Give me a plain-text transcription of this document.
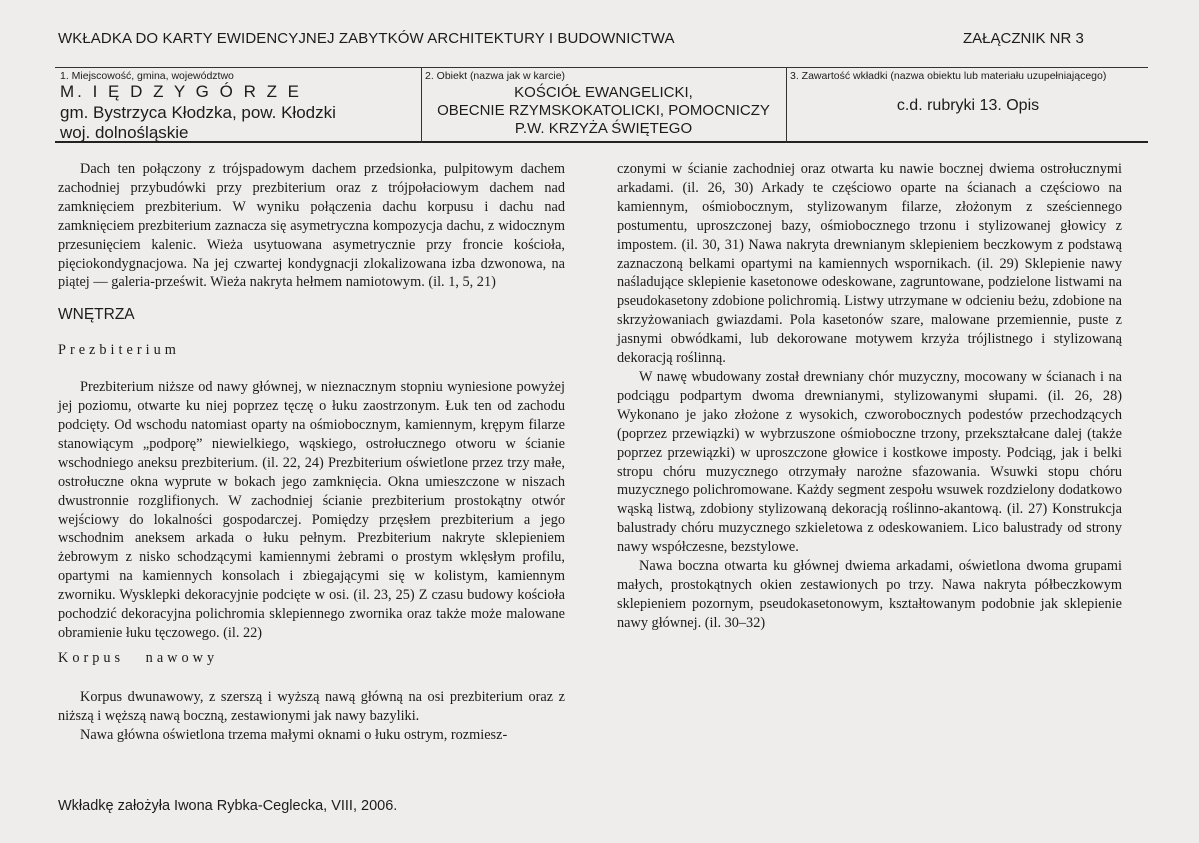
WKŁADKA DO KARTY EWIDENCYJNEJ ZABYTKÓW ARCHITEKTURY I BUDOWNICTWA	ZAŁĄCZNIK NR 3
1. Miejscowość, gmina, województwo
M. I Ę D Z Y G Ó R Z E
gm. Bystrzyca Kłodzka, pow. Kłodzki
woj. dolnośląskie
2. Obiekt (nazwa jak w karcie)
KOŚCIÓŁ EWANGELICKI,
OBECNIE RZYMSKOKATOLICKI, POMOCNICZY
P.W. KRZYŻA ŚWIĘTEGO
3. Zawartość wkładki (nazwa obiektu lub materiału uzupełniającego)
c.d. rubryki 13. Opis

Dach ten połączony z trójspadowym dachem przedsionka, pulpitowym dachem zachodniej przybudówki przy prezbiterium oraz z trójpołaciowym dachem nad zamknięciem prezbiterium. W wyniku połączenia dachu korpusu i dachu nad zamknięciem prezbiterium zaznacza się asymetryczna kompozycja dachu, z widocznym przesunięciem kalenic. Wieża usytuowana asymetrycznie przy froncie kościoła, pięciokondygnacjowa. Na jej czwartej kondygnacji zlokalizowana izba dzwonowa, na piątej — galeria-prześwit. Wieża nakryta hełmem namiotowym. (il. 1, 5, 21)

WNĘTRZA
Prezbiterium

Prezbiterium niższe od nawy głównej, w nieznacznym stopniu wyniesione powyżej jej poziomu, otwarte ku niej poprzez tęczę o łuku zaostrzonym. Łuk ten od zachodu podcięty. Od wschodu natomiast oparty na ośmiobocznym, kamiennym, krępym filarze stanowiącym „podporę” niewielkiego, wąskiego, ostrołucznego otworu w ścianie wschodniego aneksu prezbiterium. (il. 22, 24) Prezbiterium oświetlone przez trzy małe, ostrołuczne okna wyprute w bokach jego zamknięcia. Okna umieszczone w niszach dwustronnie rozglifionych. W zachodniej ścianie prezbiterium prostokątny otwór wejściowy do lokalności gospodarczej. Pomiędzy przęsłem prezbiterium a jego wschodnim aneksem arkada o łuku pełnym. Prezbiterium nakryte sklepieniem żebrowym z nisko schodzącymi kamiennymi żebrami o prostym wklęsłym profilu, opartymi na kamiennych konsolach i zbiegającymi się w kolistym, kamiennym zworniku. Wysklepki dekoracyjnie podcięte w osi. (il. 23, 25) Z czasu budowy kościoła pochodzić dekoracyjna polichromia sklepiennego zwornika oraz także może malowane obramienie łuku tęczowego. (il. 22)

Korpus nawowy

Korpus dwunawowy, z szerszą i wyższą nawą główną na osi prezbiterium oraz z niższą i węższą nawą boczną, zestawionymi jak nawy bazyliki.

Nawa główna oświetlona trzema małymi oknami o łuku ostrym, rozmiesz-

czonymi w ścianie zachodniej oraz otwarta ku nawie bocznej dwiema ostrołucznymi arkadami. (il. 26, 30) Arkady te częściowo oparte na ścianach a częściowo na kamiennym, ośmiobocznym, stylizowanym filarze, złożonym z sześciennego postumentu, uproszczonej bazy, ośmiobocznego trzonu i stylizowanej głowicy z impostem. (il. 30, 31) Nawa nakryta drewnianym sklepieniem beczkowym z podstawą zaznaczoną belkami opartymi na kamiennych wspornikach. (il. 29) Sklepienie nawy naśladujące sklepienie kasetonowe odeskowane, zagruntowane, podzielone listwami na pseudokasetony zdobione polichromią. Listwy utrzymane w odcieniu beżu, zdobione na skrzyżowaniach gwiazdami. Pola kasetonów szare, malowane przemiennie, puste z jasnymi obwódkami, lub dekorowane motywem krzyża trójlistnego i stylizowaną dekoracją roślinną.

W nawę wbudowany został drewniany chór muzyczny, mocowany w ścianach i na podciągu podpartym dwoma drewnianymi, stylizowanymi słupami. (il. 26, 28) Wykonano je jako złożone z wysokich, czworobocznych podestów przechodzących (poprzez przewiązki) w wybrzuszone ośmioboczne trzony, przekształcane dalej (także poprzez przewiązki) w uproszczone głowice i kostkowe imposty. Podciąg, jak i belki stropu chóru muzycznego otrzymały narożne sfazowania. Wsuwki stopu chóru muzycznego polichromowane. Każdy segment zespołu wsuwek rozdzielony dodatkowo wąską listwą, zdobiony stylizowaną dekoracją roślinno-akantową. (il. 27) Konstrukcja balustrady chóru muzycznego szkieletowa z odeskowaniem. Lico balustrady od strony nawy współczesne, bezstylowe.

Nawa boczna otwarta ku głównej dwiema arkadami, oświetlona dwoma grupami małych, prostokątnych okien zestawionych po trzy. Nawa nakryta półbeczkowym sklepieniem pozornym, pseudokasetonowym, kształtowanym podobnie jak sklepienie nawy głównej. (il. 30–32)

Wkładkę założyła Iwona Rybka-Ceglecka, VIII, 2006.
